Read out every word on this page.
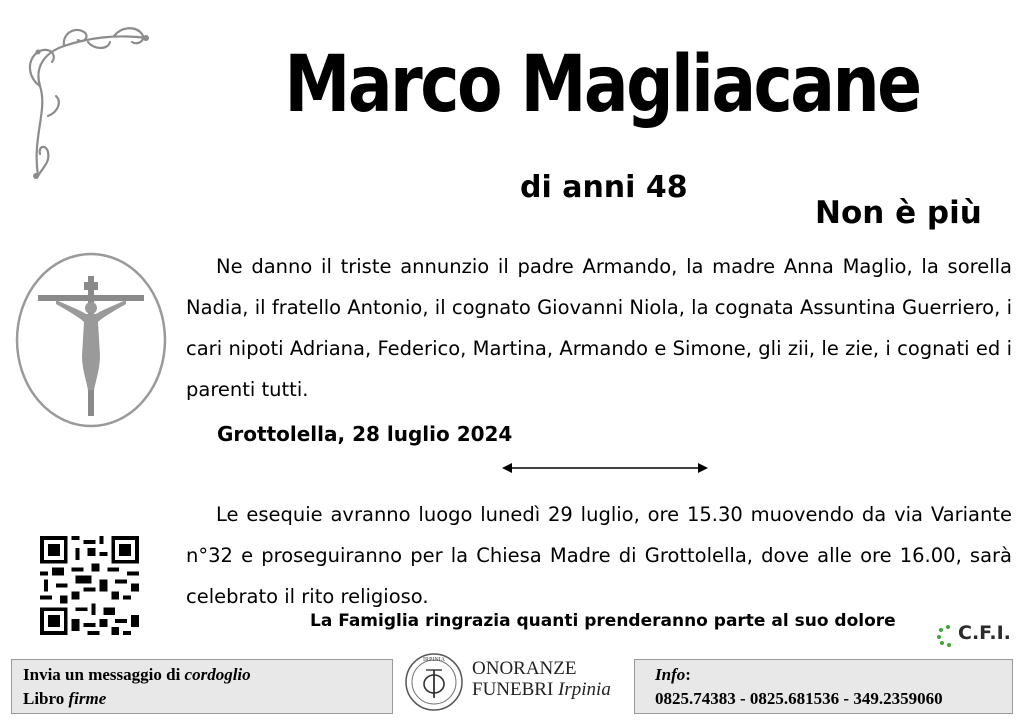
Marco Magliacane
di anni 48
Non è più
Ne danno il triste annunzio il padre Armando, la madre Anna Maglio, la sorella Nadia, il fratello Antonio, il cognato Giovanni Niola, la cognata Assuntina Guerriero, i cari nipoti Adriana, Federico, Martina, Armando e Simone, gli zii, le zie, i cognati ed i parenti tutti.
Grottolella, 28 luglio 2024
Le esequie avranno luogo lunedì 29 luglio, ore 15.30 muovendo da via Variante n°32 e proseguiranno per la Chiesa Madre di Grottolella, dove alle ore 16.00, sarà celebrato il rito religioso.
La Famiglia ringrazia quanti prenderanno parte al suo dolore
C.F.I.
Invia un messaggio di cordoglio
Libro firme
IRPINIA ONORANZE
FUNEBRI Irpinia
Info:
0825.74383 - 0825.681536 - 349.2359060
